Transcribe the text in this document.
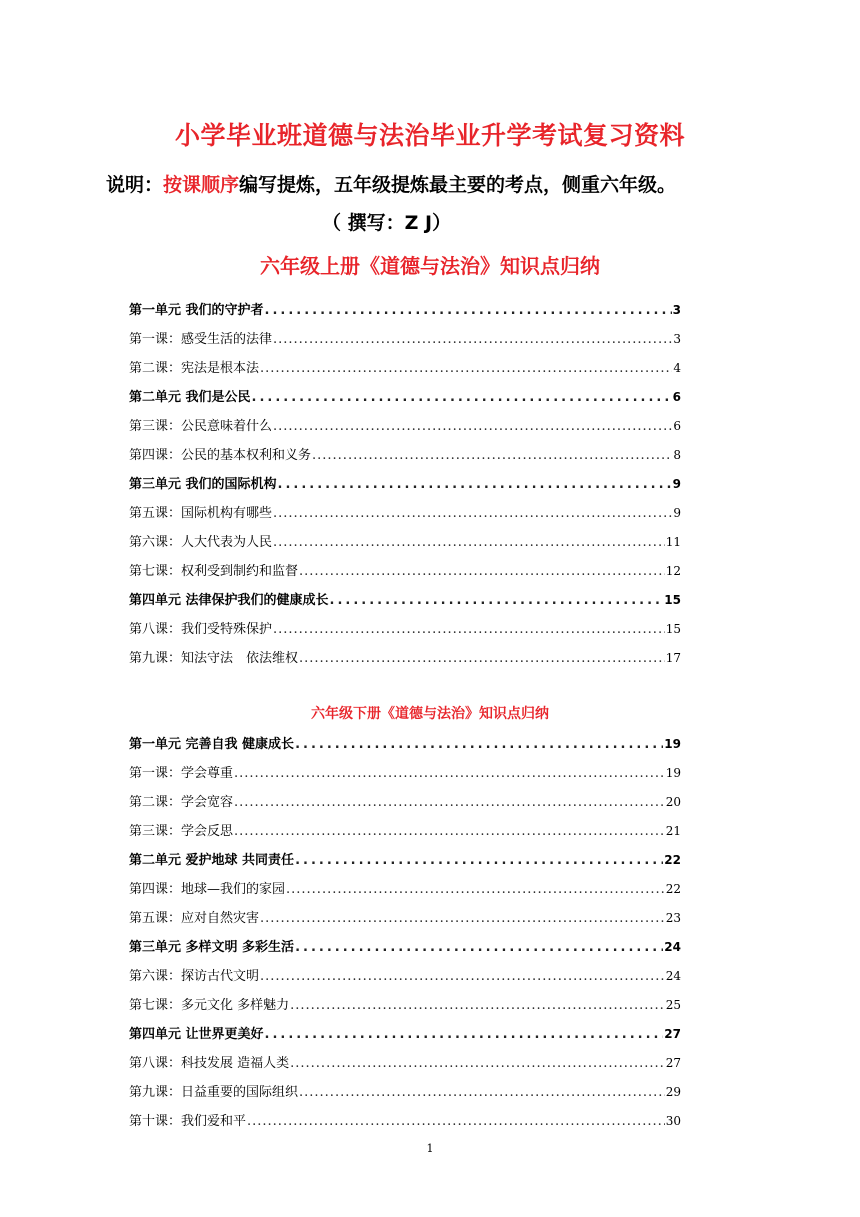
小学毕业班道德与法治毕业升学考试复习资料
说明：按课顺序编写提炼，五年级提炼最主要的考点，侧重六年级。
（ 撰写：Z J）
六年级上册《道德与法治》知识点归纳
第一单元 我们的守护者 .....	3
第一课：感受生活的法律 .....	3
第二课：宪法是根本法 .....	4
第二单元 我们是公民 .....	6
第三课：公民意味着什么 .....	6
第四课：公民的基本权利和义务 .....	8
第三单元 我们的国际机构 .....	9
第五课：国际机构有哪些 .....	9
第六课：人大代表为人民 .....	11
第七课：权利受到制约和监督 .....	12
第四单元 法律保护我们的健康成长 .....	15
第八课：我们受特殊保护 .....	15
第九课：知法守法　依法维权 .....	17
六年级下册《道德与法治》知识点归纳
第一单元 完善自我 健康成长 .....	19
第一课：学会尊重 .....	19
第二课：学会宽容 .....	20
第三课：学会反思 .....	21
第二单元 爱护地球 共同责任 .....	22
第四课：地球—我们的家园 .....	22
第五课：应对自然灾害 .....	23
第三单元 多样文明 多彩生活 .....	24
第六课：探访古代文明 .....	24
第七课：多元文化 多样魅力 .....	25
第四单元 让世界更美好 .....	27
第八课：科技发展 造福人类 .....	27
第九课：日益重要的国际组织 .....	29
第十课：我们爱和平 .....	30
1
